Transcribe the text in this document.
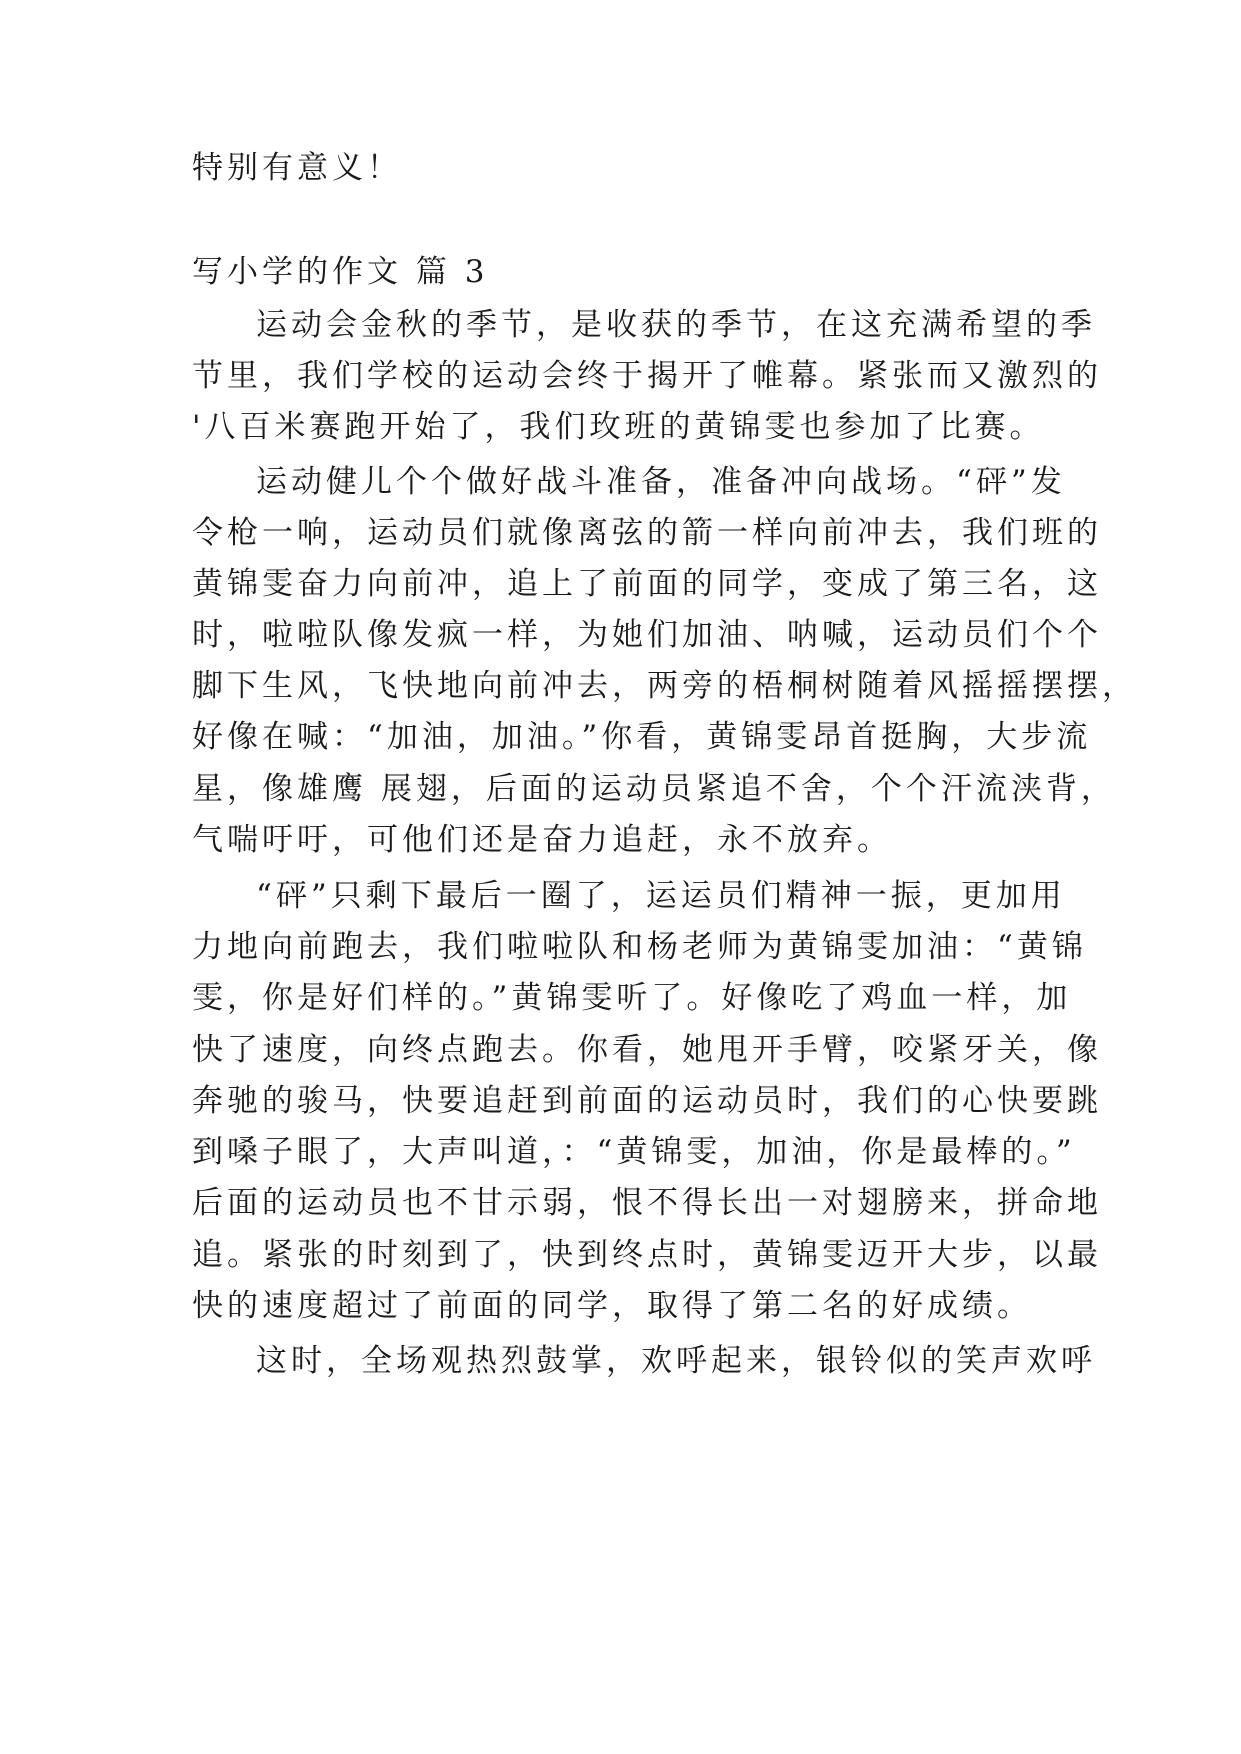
特别有意义！
写小学的作文 篇 3
运动会金秋的季节，是收获的季节，在这充满希望的季
节里，我们学校的运动会终于揭开了帷幕。紧张而又激烈的
'八百米赛跑开始了，我们玫班的黄锦雯也参加了比赛。
运动健儿个个做好战斗准备，准备冲向战场。“砰”发
令枪一响，运动员们就像离弦的箭一样向前冲去，我们班的
黄锦雯奋力向前冲，追上了前面的同学，变成了第三名，这
时，啦啦队像发疯一样，为她们加油、呐喊，运动员们个个
脚下生风，飞快地向前冲去，两旁的梧桐树随着风摇摇摆摆，
好像在喊：“加油，加油。”你看，黄锦雯昂首挺胸，大步流
星，像雄鹰 展翅，后面的运动员紧追不舍，个个汗流浃背，
气喘吁吁，可他们还是奋力追赶，永不放弃。
“砰”只剩下最后一圈了，运运员们精神一振，更加用
力地向前跑去，我们啦啦队和杨老师为黄锦雯加油：“黄锦
雯，你是好们样的。”黄锦雯听了。好像吃了鸡血一样，加
快了速度，向终点跑去。你看，她甩开手臂，咬紧牙关，像
奔驰的骏马，快要追赶到前面的运动员时，我们的心快要跳
到嗓子眼了，大声叫道，：“黄锦雯，加油，你是最棒的。”
后面的运动员也不甘示弱，恨不得长出一对翅膀来，拼命地
追。紧张的时刻到了，快到终点时，黄锦雯迈开大步，以最
快的速度超过了前面的同学，取得了第二名的好成绩。
这时，全场观热烈鼓掌，欢呼起来，银铃似的笑声欢呼
